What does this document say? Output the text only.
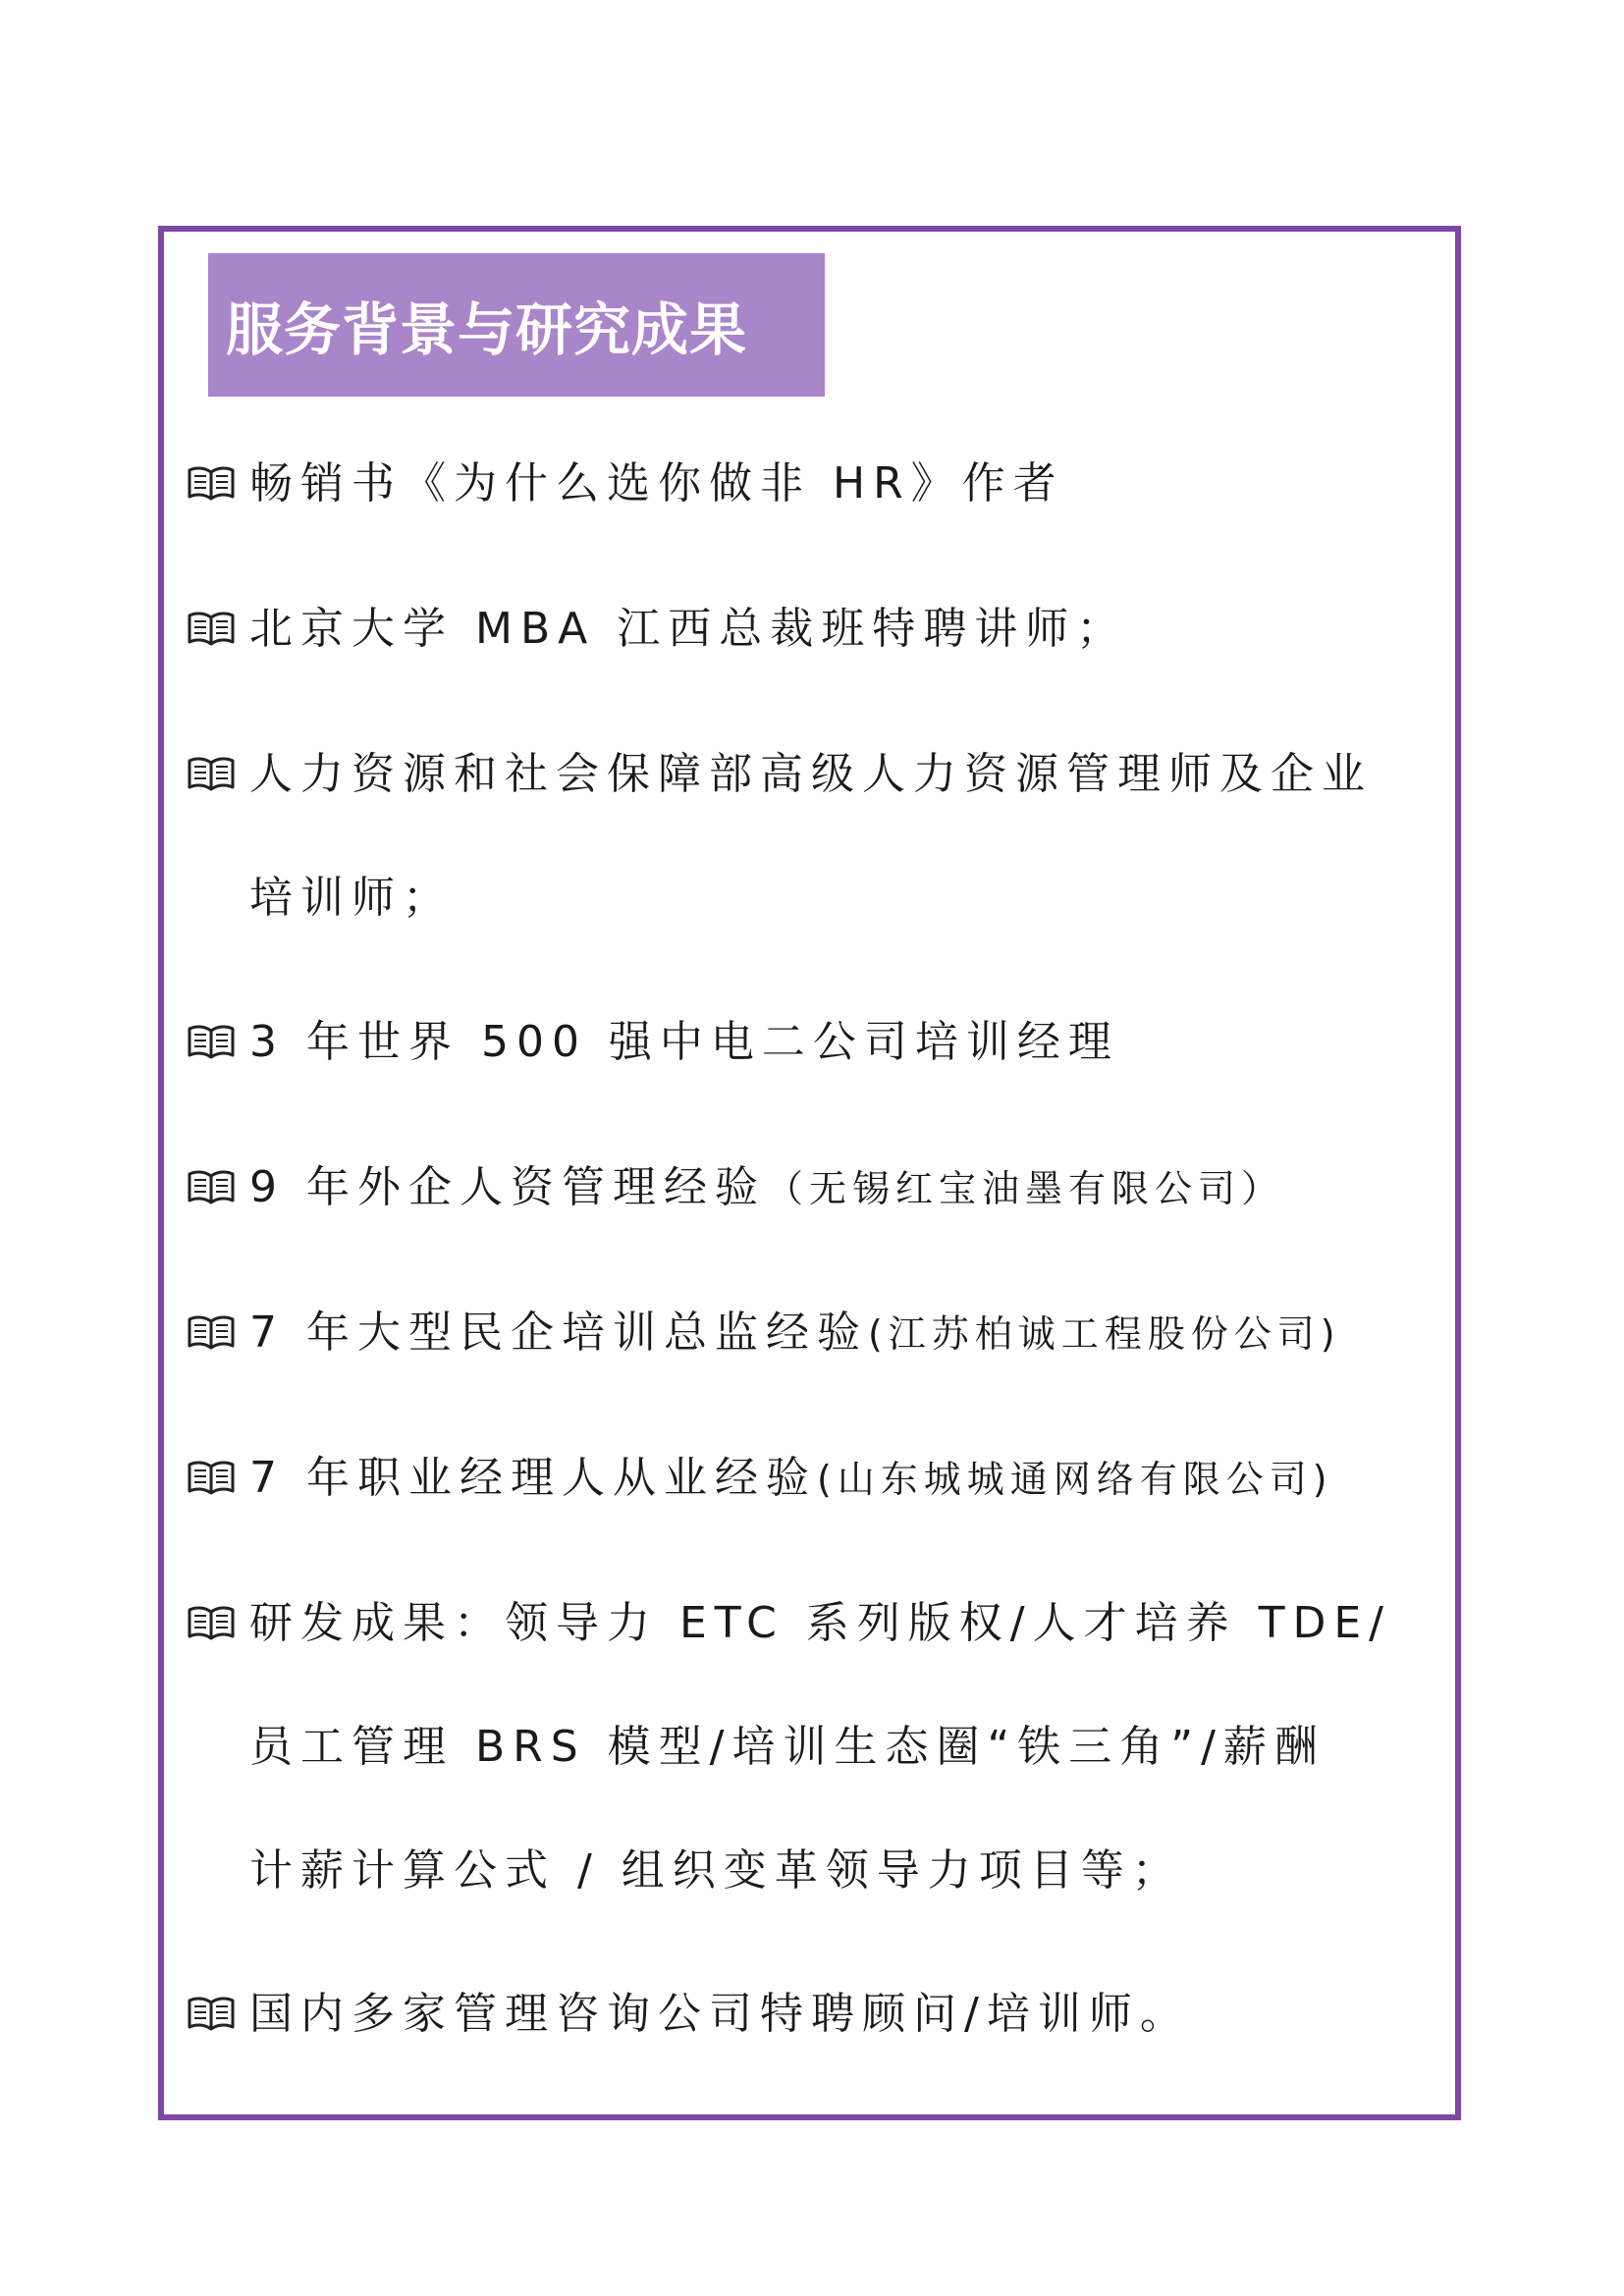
服务背景与研究成果
畅销书《为什么选你做非 HR》作者
北京大学 MBA 江西总裁班特聘讲师；
人力资源和社会保障部高级人力资源管理师及企业
培训师；
3 年世界 500 强中电二公司培训经理
9 年外企人资管理经验（无锡红宝油墨有限公司）
7 年大型民企培训总监经验(江苏柏诚工程股份公司)
7 年职业经理人从业经验(山东城城通网络有限公司)
研发成果：领导力 ETC 系列版权/人才培养 TDE/
员工管理 BRS 模型/培训生态圈“铁三角”/薪酬
计薪计算公式 / 组织变革领导力项目等；
国内多家管理咨询公司特聘顾问/培训师。
